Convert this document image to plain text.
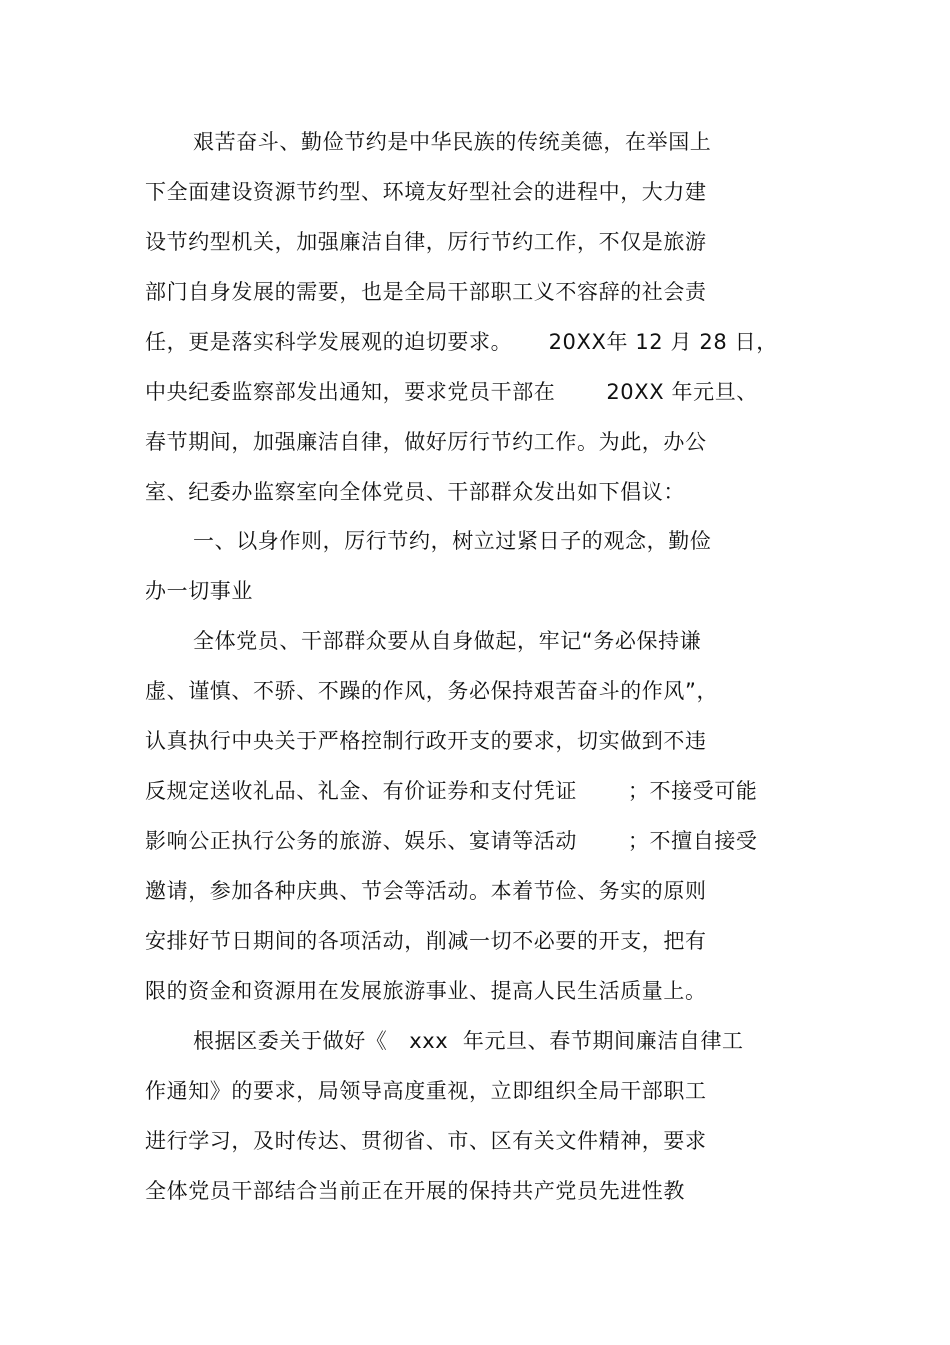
艰苦奋斗、勤俭节约是中华民族的传统美德，在举国上
下全面建设资源节约型、环境友好型社会的进程中，大力建
设节约型机关，加强廉洁自律，厉行节约工作，不仅是旅游
部门自身发展的需要，也是全局干部职工义不容辞的社会责
任，更是落实科学发展观的迫切要求。     20XX年 12 月 28 日，
中央纪委监察部发出通知，要求党员干部在       20XX 年元旦、
春节期间，加强廉洁自律，做好厉行节约工作。为此，办公
室、纪委办监察室向全体党员、干部群众发出如下倡议：
一、以身作则，厉行节约，树立过紧日子的观念，勤俭
办一切事业
全体党员、干部群众要从自身做起，牢记“务必保持谦
虚、谨慎、不骄、不躁的作风，务必保持艰苦奋斗的作风”，
认真执行中央关于严格控制行政开支的要求，切实做到不违
反规定送收礼品、礼金、有价证券和支付凭证       ；不接受可能
影响公正执行公务的旅游、娱乐、宴请等活动       ；不擅自接受
邀请，参加各种庆典、节会等活动。本着节俭、务实的原则
安排好节日期间的各项活动，削减一切不必要的开支，把有
限的资金和资源用在发展旅游事业、提高人民生活质量上。
根据区委关于做好《   xxx  年元旦、春节期间廉洁自律工
作通知》的要求，局领导高度重视，立即组织全局干部职工
进行学习，及时传达、贯彻省、市、区有关文件精神，要求
全体党员干部结合当前正在开展的保持共产党员先进性教
